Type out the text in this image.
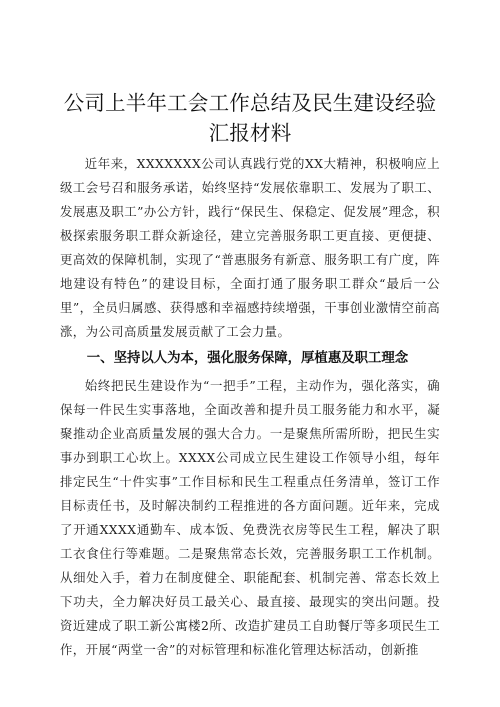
公司上半年工会工作总结及民生建设经验汇报材料

近年来，XXXXXXX公司认真践行党的XX大精神，积极响应上级工会号召和服务承诺，始终坚持“发展依靠职工、发展为了职工、发展惠及职工”办公方针，践行“保民生、保稳定、促发展”理念，积极探索服务职工群众新途径，建立完善服务职工更直接、更便捷、更高效的保障机制，实现了“普惠服务有新意、服务职工有广度，阵地建设有特色”的建设目标，全面打通了服务职工群众“最后一公里”，全员归属感、获得感和幸福感持续增强，干事创业激情空前高涨，为公司高质量发展贡献了工会力量。

一、坚持以人为本，强化服务保障，厚植惠及职工理念

始终把民生建设作为“一把手”工程，主动作为，强化落实，确保每一件民生实事落地，全面改善和提升员工服务能力和水平，凝聚推动企业高质量发展的强大合力。一是聚焦所需所盼，把民生实事办到职工心坎上。XXXX公司成立民生建设工作领导小组，每年排定民生“十件实事”工作目标和民生工程重点任务清单，签订工作目标责任书，及时解决制约工程推进的各方面问题。近年来，完成了开通XXXX通勤车、成本饭、免费洗衣房等民生工程，解决了职工衣食住行等难题。二是聚焦常态长效，完善服务职工工作机制。从细处入手，着力在制度健全、职能配套、机制完善、常态长效上下功夫，全力解决好员工最关心、最直接、最现实的突出问题。投资近建成了职工新公寓楼2所、改造扩建员工自助餐厅等多项民生工作，开展“两堂一舍”的对标管理和标准化管理达标活动，创新推
